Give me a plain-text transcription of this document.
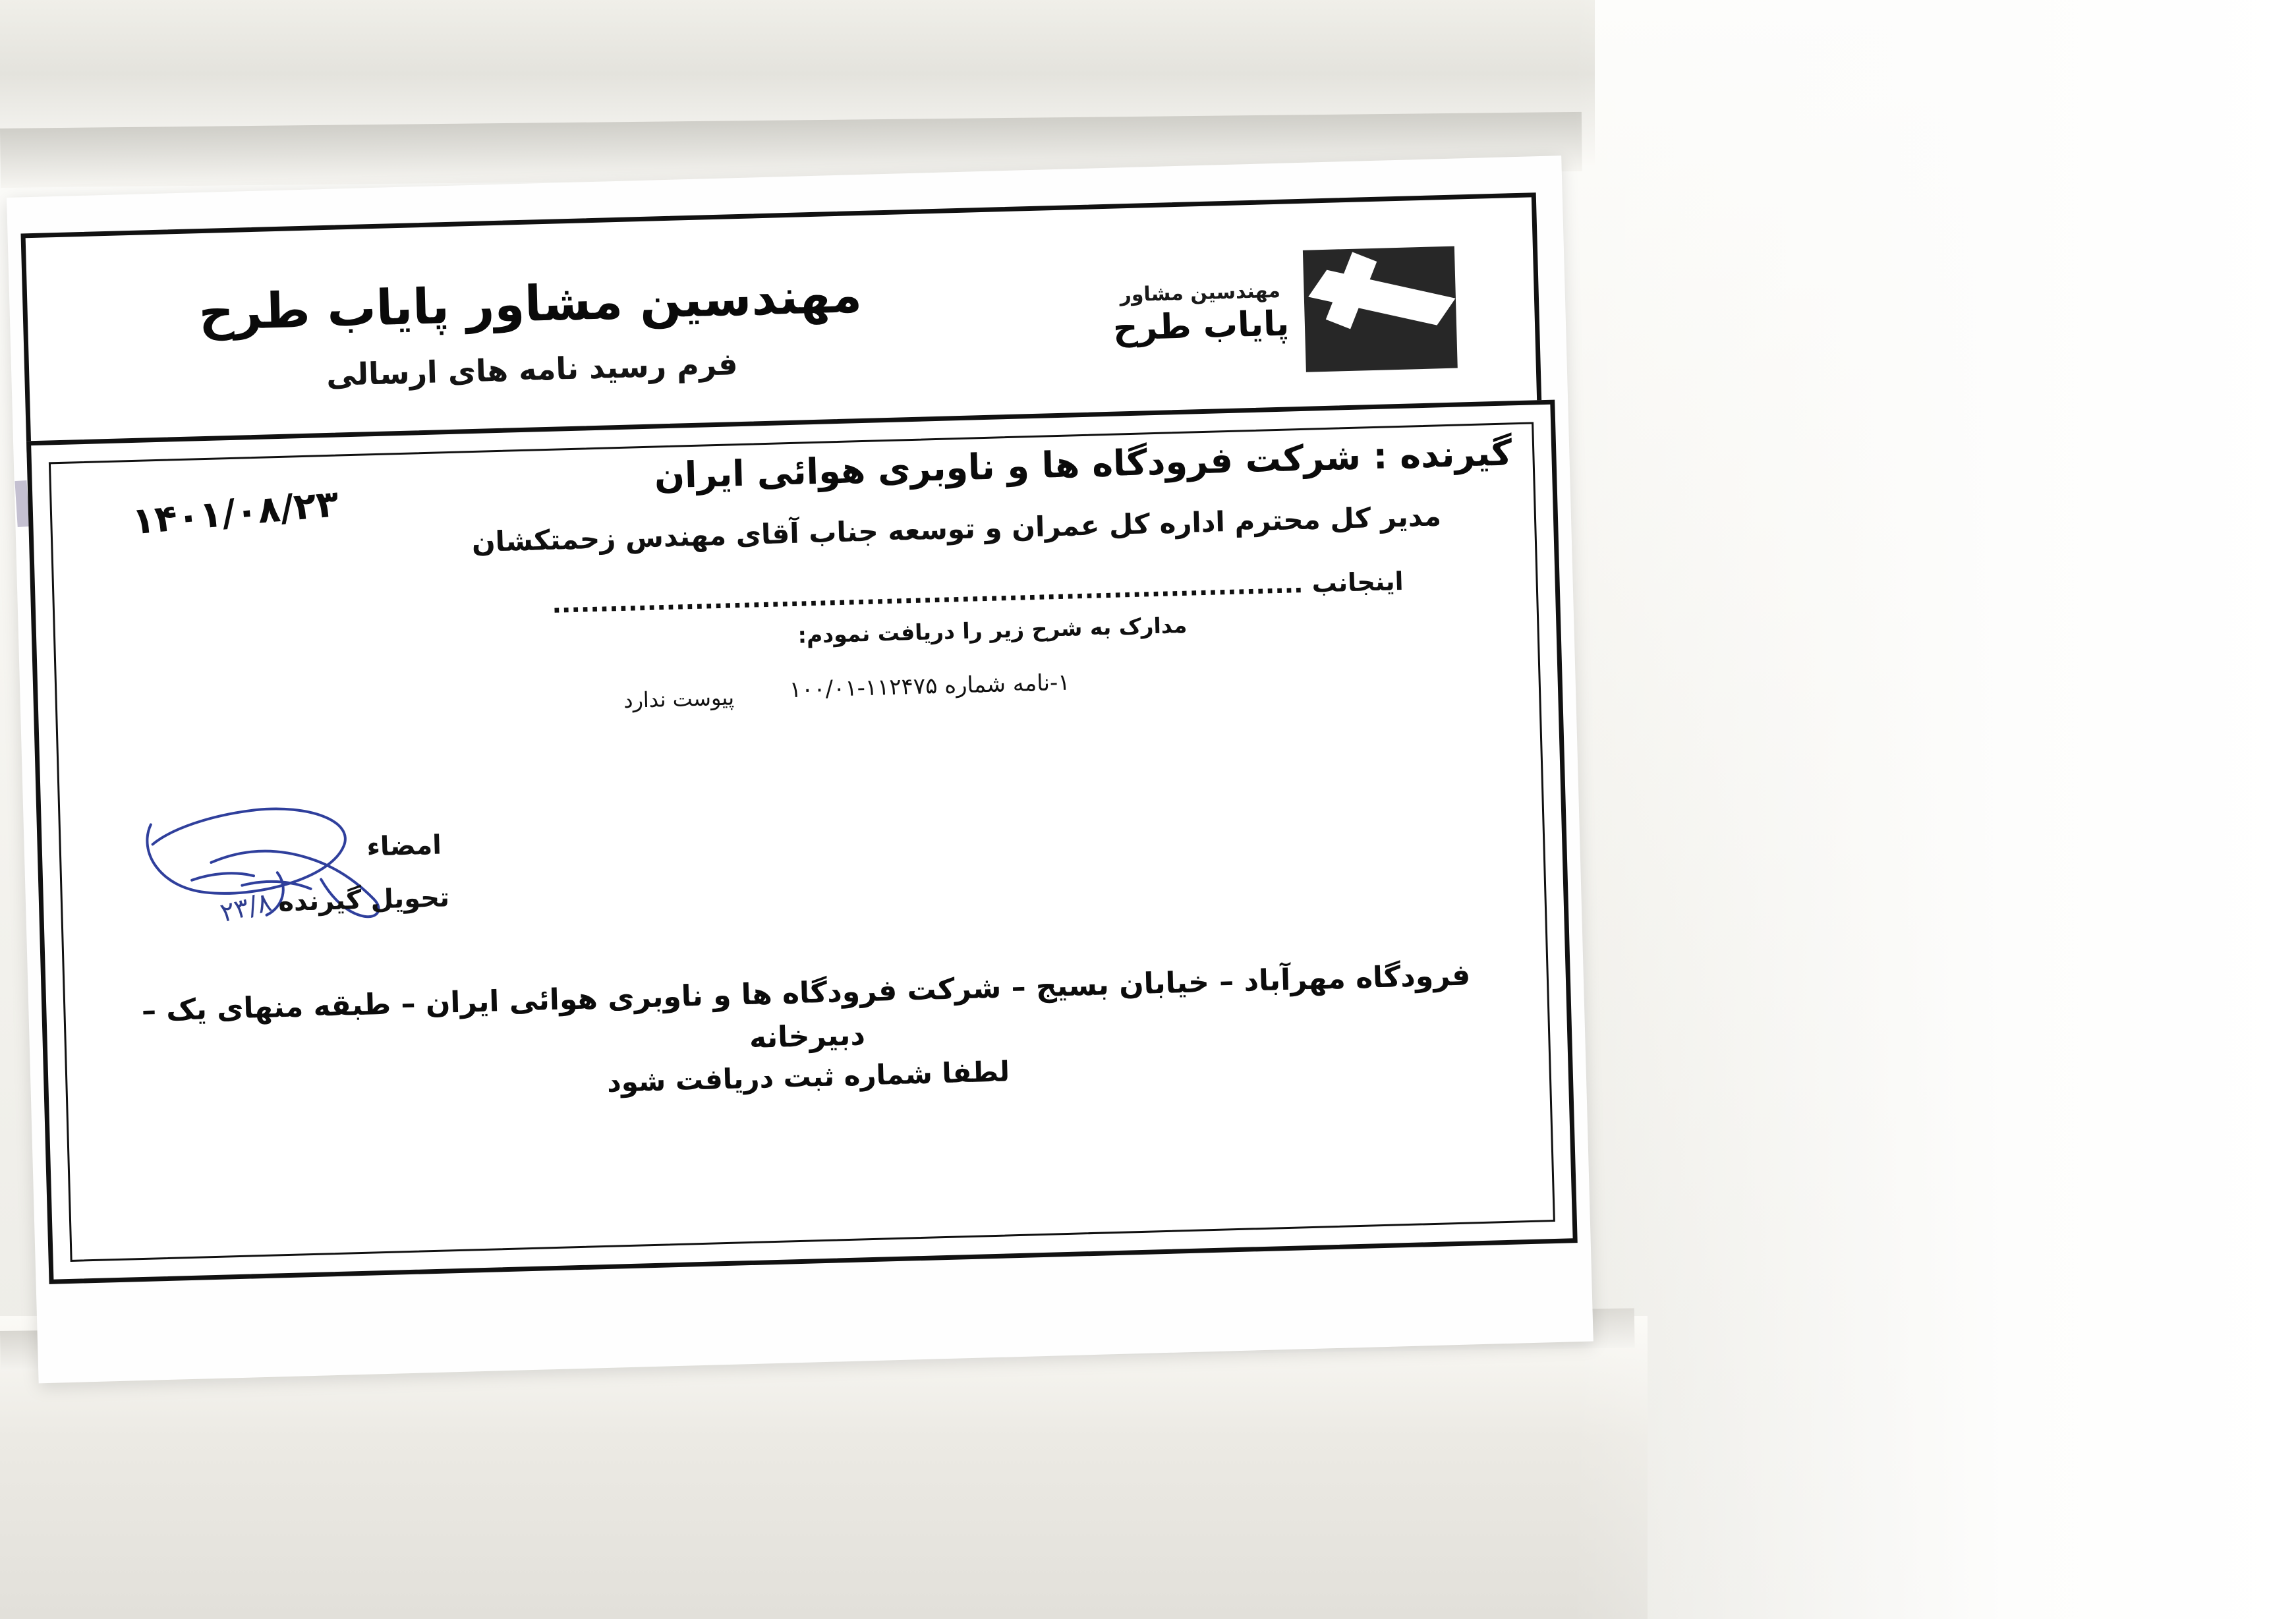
مهندسین مشاور پایاب طرح
فرم رسید نامه های ارسالی
مهندسین مشاور
پایاب طرح
گیرنده : شرکت فرودگاه ها و ناوبری هوائی ایران
۱۴۰۱/۰۸/۲۳	مدیر کل محترم اداره کل عمران و توسعه جناب آقای مهندس زحمتکشان
اینجانب ...............................................................................
مدارک به شرح زیر را دریافت نمودم:
۱-نامه شماره ۱۱۲۴۷۵-۱۰۰/۰۱
پیوست ندارد
امضاء
تحویل گیرنده
۲۳/۸
فرودگاه مهرآباد – خیابان بسیج – شرکت فرودگاه ها و ناوبری هوائی ایران – طبقه منهای یک – دبیرخانه
لطفا شماره ثبت دریافت شود
